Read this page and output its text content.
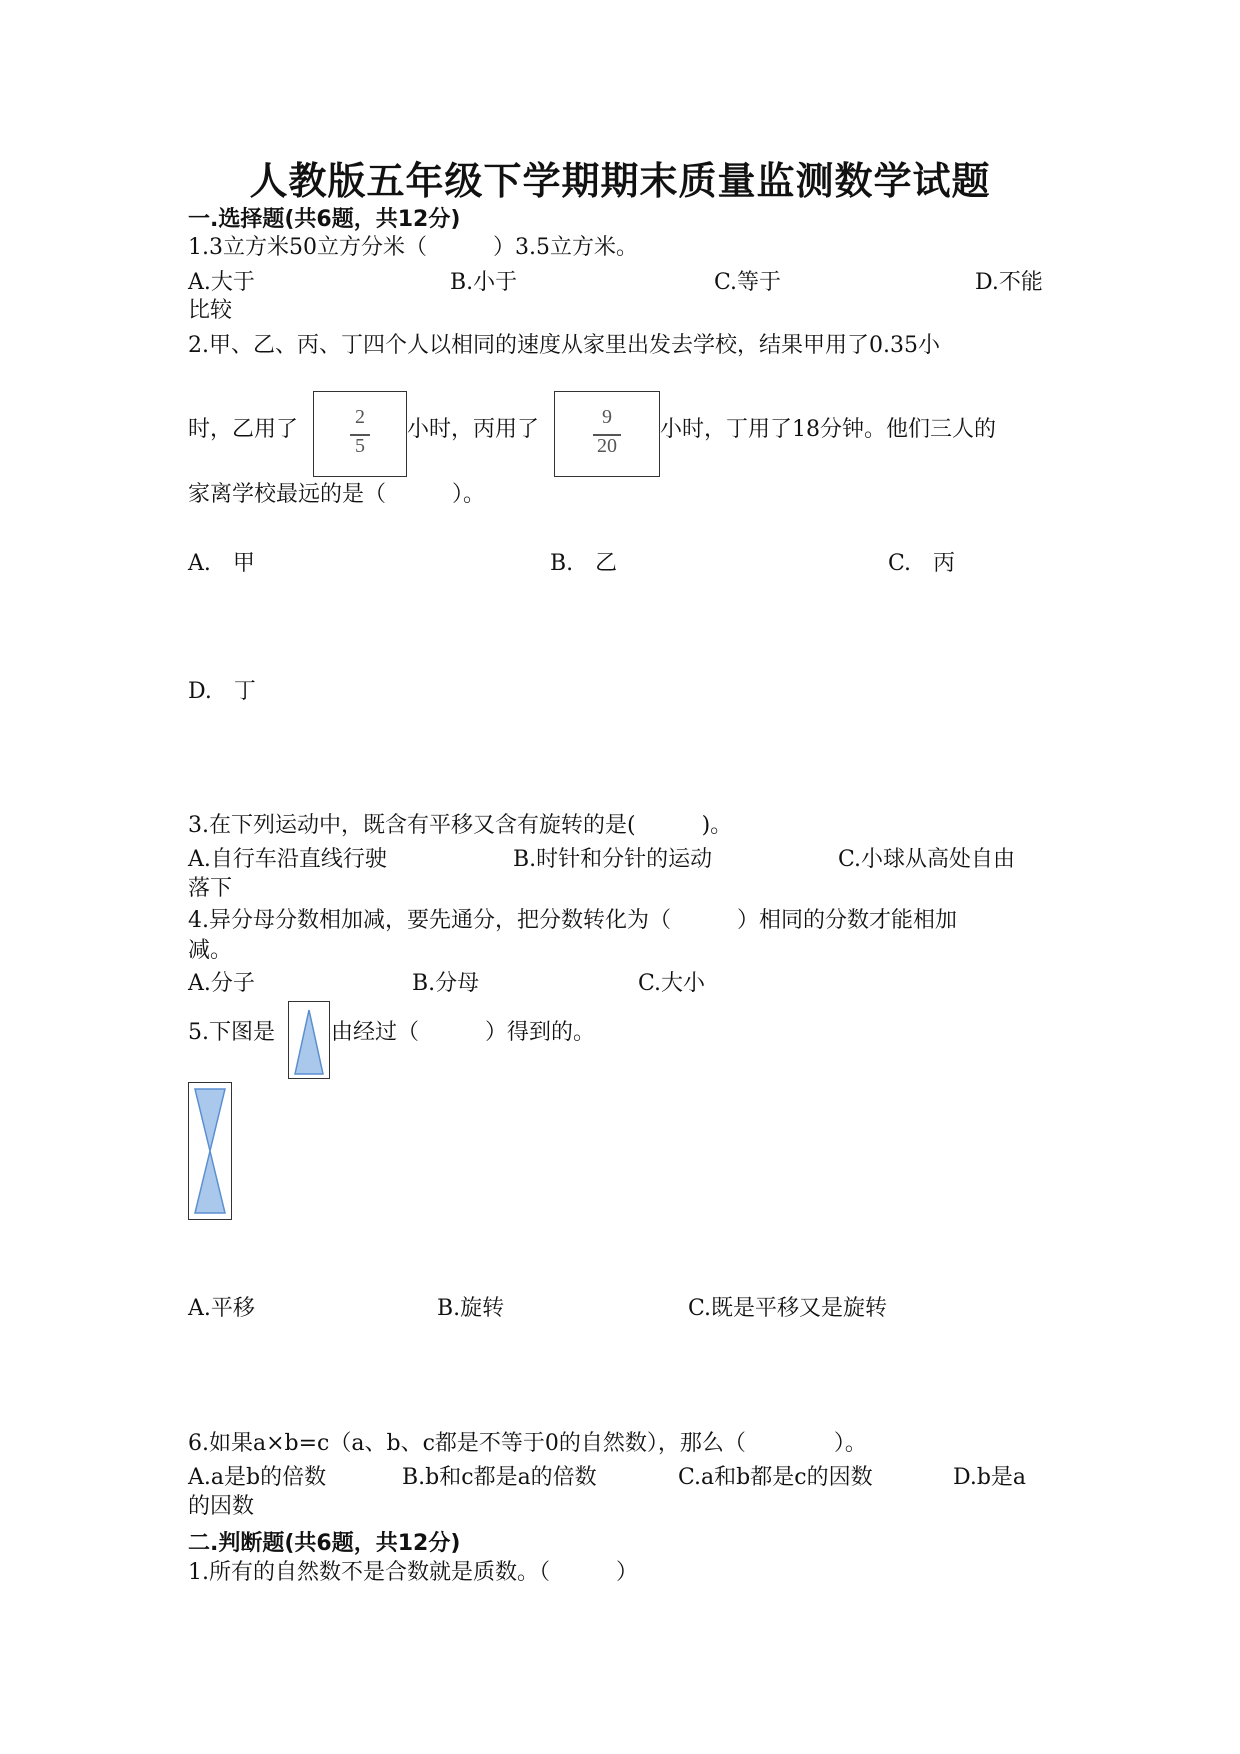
人教版五年级下学期期末质量监测数学试题
一.选择题(共6题，共12分)
1.3立方米50立方分米（　　　）3.5立方米。
A.大于	B.小于	C.等于	D.不能
比较
2.甲、乙、丙、丁四个人以相同的速度从家里出发去学校，结果甲用了0.35小
时，乙用了	2
5
小时，丙用了	9
20
小时，丁用了18分钟。他们三人的
家离学校最远的是（　　　）。
A.　甲	B.　乙	C.　丙
D.　丁
3.在下列运动中，既含有平移又含有旋转的是(　　　)。
A.自行车沿直线行驶	B.时针和分针的运动	C.小球从高处自由
落下
4.异分母分数相加减，要先通分，把分数转化为（　　　）相同的分数才能相加
减。
A.分子	B.分母	C.大小
5.下图是	由经过（　　　）得到的。
A.平移	B.旋转	C.既是平移又是旋转
6.如果a×b=c（a、b、c都是不等于0的自然数），那么（　　　　）。
A.a是b的倍数	B.b和c都是a的倍数	C.a和b都是c的因数	D.b是a
的因数
二.判断题(共6题，共12分)
1.所有的自然数不是合数就是质数。（　　　）
